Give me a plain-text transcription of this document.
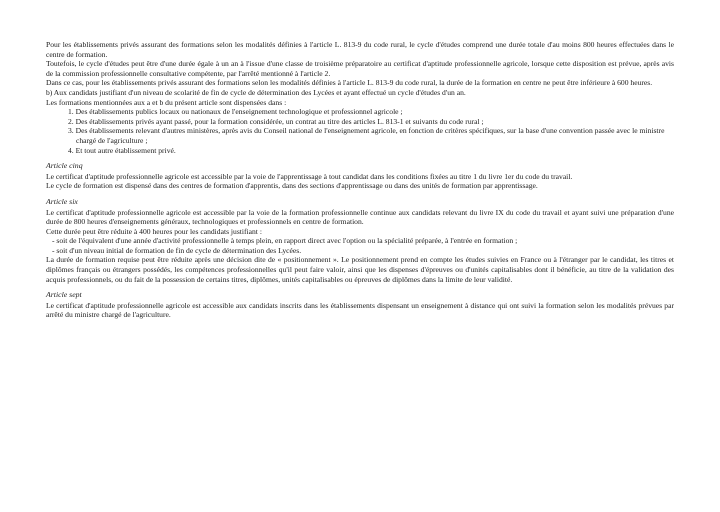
Pour les établissements privés assurant des formations selon les modalités définies à l'article L. 813-9 du code rural, le cycle d'études comprend une durée totale d'au moins 800 heures effectuées dans le centre de formation.

Toutefois, le cycle d'études peut être d'une durée égale à un an à l'issue d'une classe de troisième préparatoire au certificat d'aptitude professionnelle agricole, lorsque cette disposition est prévue, après avis de la commission professionnelle consultative compétente, par l'arrêté mentionné à l'article 2.

Dans ce cas, pour les établissements privés assurant des formations selon les modalités définies à l'article L. 813-9 du code rural, la durée de la formation en centre ne peut être inférieure à 600 heures.

b) Aux candidats justifiant d'un niveau de scolarité de fin de cycle de détermination des Lycées et ayant effectué un cycle d'études d'un an.

Les formations mentionnées aux a et b du présent article sont dispensées dans :

1. Des établissements publics locaux ou nationaux de l'enseignement technologique et professionnel agricole ;
2. Des établissements privés ayant passé, pour la formation considérée, un contrat au titre des articles L. 813-1 et suivants du code rural ;
3. Des établissements relevant d'autres ministères, après avis du Conseil national de l'enseignement agricole, en fonction de critères spécifiques, sur la base d'une convention passée avec le ministre chargé de l'agriculture ;
4. Et tout autre établissement privé.
Article cinq

Le certificat d'aptitude professionnelle agricole est accessible par la voie de l'apprentissage à tout candidat dans les conditions fixées au titre 1 du livre 1er du code du travail.

Le cycle de formation est dispensé dans des centres de formation d'apprentis, dans des sections d'apprentissage ou dans des unités de formation par apprentissage.

Article six

Le certificat d'aptitude professionnelle agricole est accessible par la voie de la formation professionnelle continue aux candidats relevant du livre IX du code du travail et ayant suivi une préparation d'une durée de 800 heures d'enseignements généraux, technologiques et professionnels en centre de formation.

Cette durée peut être réduite à 400 heures pour les candidats justifiant :

- soit de l'équivalent d'une année d'activité professionnelle à temps plein, en rapport direct avec l'option ou la spécialité préparée, à l'entrée en formation ;

- soit d'un niveau initial de formation de fin de cycle de détermination des Lycées.

La durée de formation requise peut être réduite après une décision dite de « positionnement ». Le positionnement prend en compte les études suivies en France ou à l'étranger par le candidat, les titres et diplômes français ou étrangers possédés, les compétences professionnelles qu'il peut faire valoir, ainsi que les dispenses d'épreuves ou d'unités capitalisables dont il bénéficie, au titre de la validation des acquis professionnels, ou du fait de la possession de certains titres, diplômes, unités capitalisables ou épreuves de diplômes dans la limite de leur validité.

Article sept

Le certificat d'aptitude professionnelle agricole est accessible aux candidats inscrits dans les établissements dispensant un enseignement à distance qui ont suivi la formation selon les modalités prévues par arrêté du ministre chargé de l'agriculture.
